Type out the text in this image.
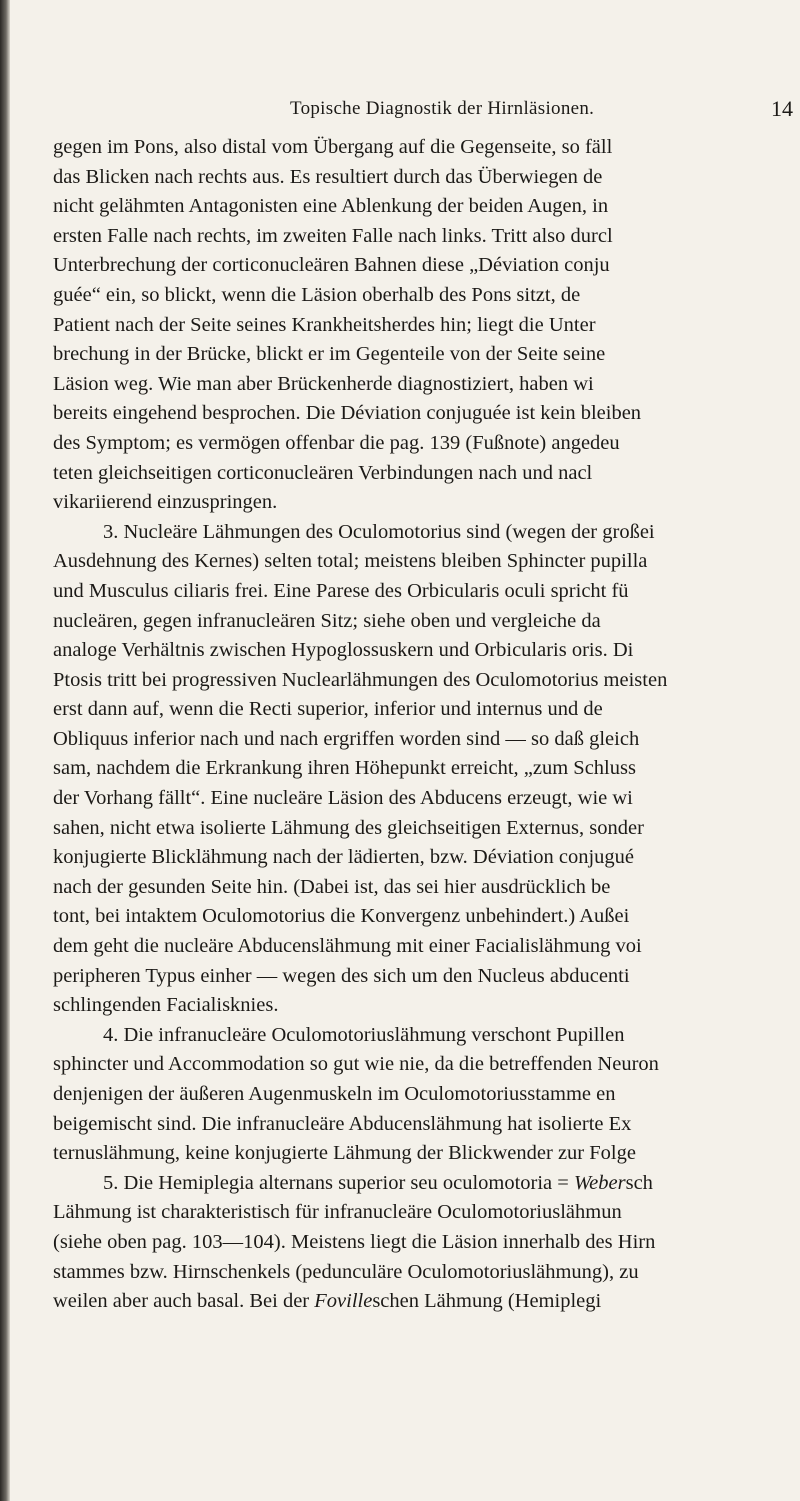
Topische Diagnostik der Hirnläsionen.	14
gegen im Pons, also distal vom Übergang auf die Gegenseite, so fäll
das Blicken nach rechts aus. Es resultiert durch das Überwiegen de
nicht gelähmten Antagonisten eine Ablenkung der beiden Augen, in
ersten Falle nach rechts, im zweiten Falle nach links. Tritt also durcl
Unterbrechung der corticonucleären Bahnen diese „Déviation conju
guée“ ein, so blickt, wenn die Läsion oberhalb des Pons sitzt, de
Patient nach der Seite seines Krankheitsherdes hin; liegt die Unter
brechung in der Brücke, blickt er im Gegenteile von der Seite seine
Läsion weg. Wie man aber Brückenherde diagnostiziert, haben wi
bereits eingehend besprochen. Die Déviation conjuguée ist kein bleiben
des Symptom; es vermögen offenbar die pag. 139 (Fußnote) angedeu
teten gleichseitigen corticonucleären Verbindungen nach und nacl
vikariierend einzuspringen.
3. Nucleäre Lähmungen des Oculomotorius sind (wegen der großei
Ausdehnung des Kernes) selten total; meistens bleiben Sphincter pupilla
und Musculus ciliaris frei. Eine Parese des Orbicularis oculi spricht fü
nucleären, gegen infranucleären Sitz; siehe oben und vergleiche da
analoge Verhältnis zwischen Hypoglossuskern und Orbicularis oris. Di
Ptosis tritt bei progressiven Nuclearlähmungen des Oculomotorius meisten
erst dann auf, wenn die Recti superior, inferior und internus und de
Obliquus inferior nach und nach ergriffen worden sind — so daß gleich
sam, nachdem die Erkrankung ihren Höhepunkt erreicht, „zum Schluss
der Vorhang fällt“. Eine nucleäre Läsion des Abducens erzeugt, wie wi
sahen, nicht etwa isolierte Lähmung des gleichseitigen Externus, sonder
konjugierte Blicklähmung nach der lädierten, bzw. Déviation conjugué
nach der gesunden Seite hin. (Dabei ist, das sei hier ausdrücklich be
tont, bei intaktem Oculomotorius die Konvergenz unbehindert.) Außei
dem geht die nucleäre Abducenslähmung mit einer Facialislähmung voi
peripheren Typus einher — wegen des sich um den Nucleus abducenti
schlingenden Facialisknies.
4. Die infranucleäre Oculomotoriuslähmung verschont Pupillen
sphincter und Accommodation so gut wie nie, da die betreffenden Neuron
denjenigen der äußeren Augenmuskeln im Oculomotoriusstamme en
beigemischt sind. Die infranucleäre Abducenslähmung hat isolierte Ex
ternuslähmung, keine konjugierte Lähmung der Blickwender zur Folge
5. Die Hemiplegia alternans superior seu oculomotoria = Webersch
Lähmung ist charakteristisch für infranucleäre Oculomotoriuslähmun
(siehe oben pag. 103—104). Meistens liegt die Läsion innerhalb des Hirn
stammes bzw. Hirnschenkels (pedunculäre Oculomotoriuslähmung), zu
weilen aber auch basal. Bei der Fovilleschen Lähmung (Hemiplegi
